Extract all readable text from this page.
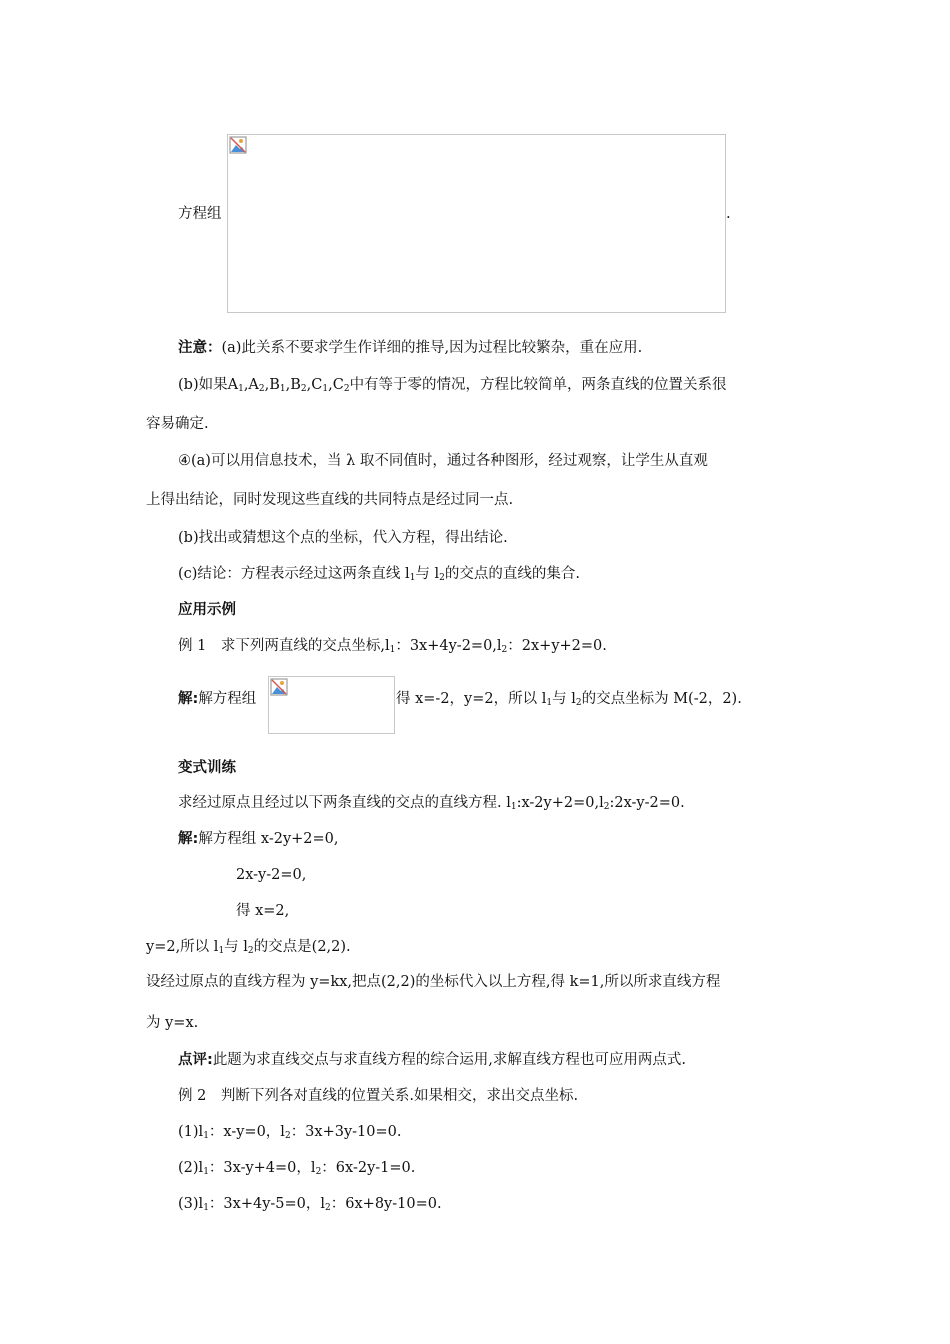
方程组	.
注意：(a)此关系不要求学生作详细的推导,因为过程比较繁杂，重在应用.
(b)如果$A_1,A_2,B_1,B_2,C_1,C_2$中有等于零的情况，方程比较简单，两条直线的位置关系很
容易确定.
④(a)可以用信息技术，当 λ 取不同值时，通过各种图形，经过观察，让学生从直观
上得出结论，同时发现这些直线的共同特点是经过同一点.
(b)找出或猜想这个点的坐标，代入方程，得出结论.
(c)结论：方程表示经过这两条直线 $l_1$与 $l_2$的交点的直线的集合.
应用示例
例 1　求下列两直线的交点坐标$,l_1$：$3x+4y-2=0,l_2$：2x+y+2=0.
解:解方程组	得 x=-2，y=2，所以 $l_1$与 $l_2$的交点坐标为 M(-2，2).
变式训练
求经过原点且经过以下两条直线的交点的直线方程. $l_1:x-2y+2=0,l_2:2x-y-2=0$.
解:解方程组 x-2y+2=0,
2x-y-2=0,
得 x=2,
y=2,所以 $l_1$与 $l_2$的交点是(2,2).
设经过原点的直线方程为 y=kx,把点(2,2)的坐标代入以上方程,得 k=1,所以所求直线方程
为 y=x.
点评:此题为求直线交点与求直线方程的综合运用,求解直线方程也可应用两点式.
例 2　判断下列各对直线的位置关系.如果相交，求出交点坐标.
$(1)l_1$：x-y=0，$l_2$：3x+3y-10=0.
$(2)l_1$：3x-y+4=0，$l_2$：6x-2y-1=0.
$(3)l_1$：3x+4y-5=0，$l_2$：6x+8y-10=0.
